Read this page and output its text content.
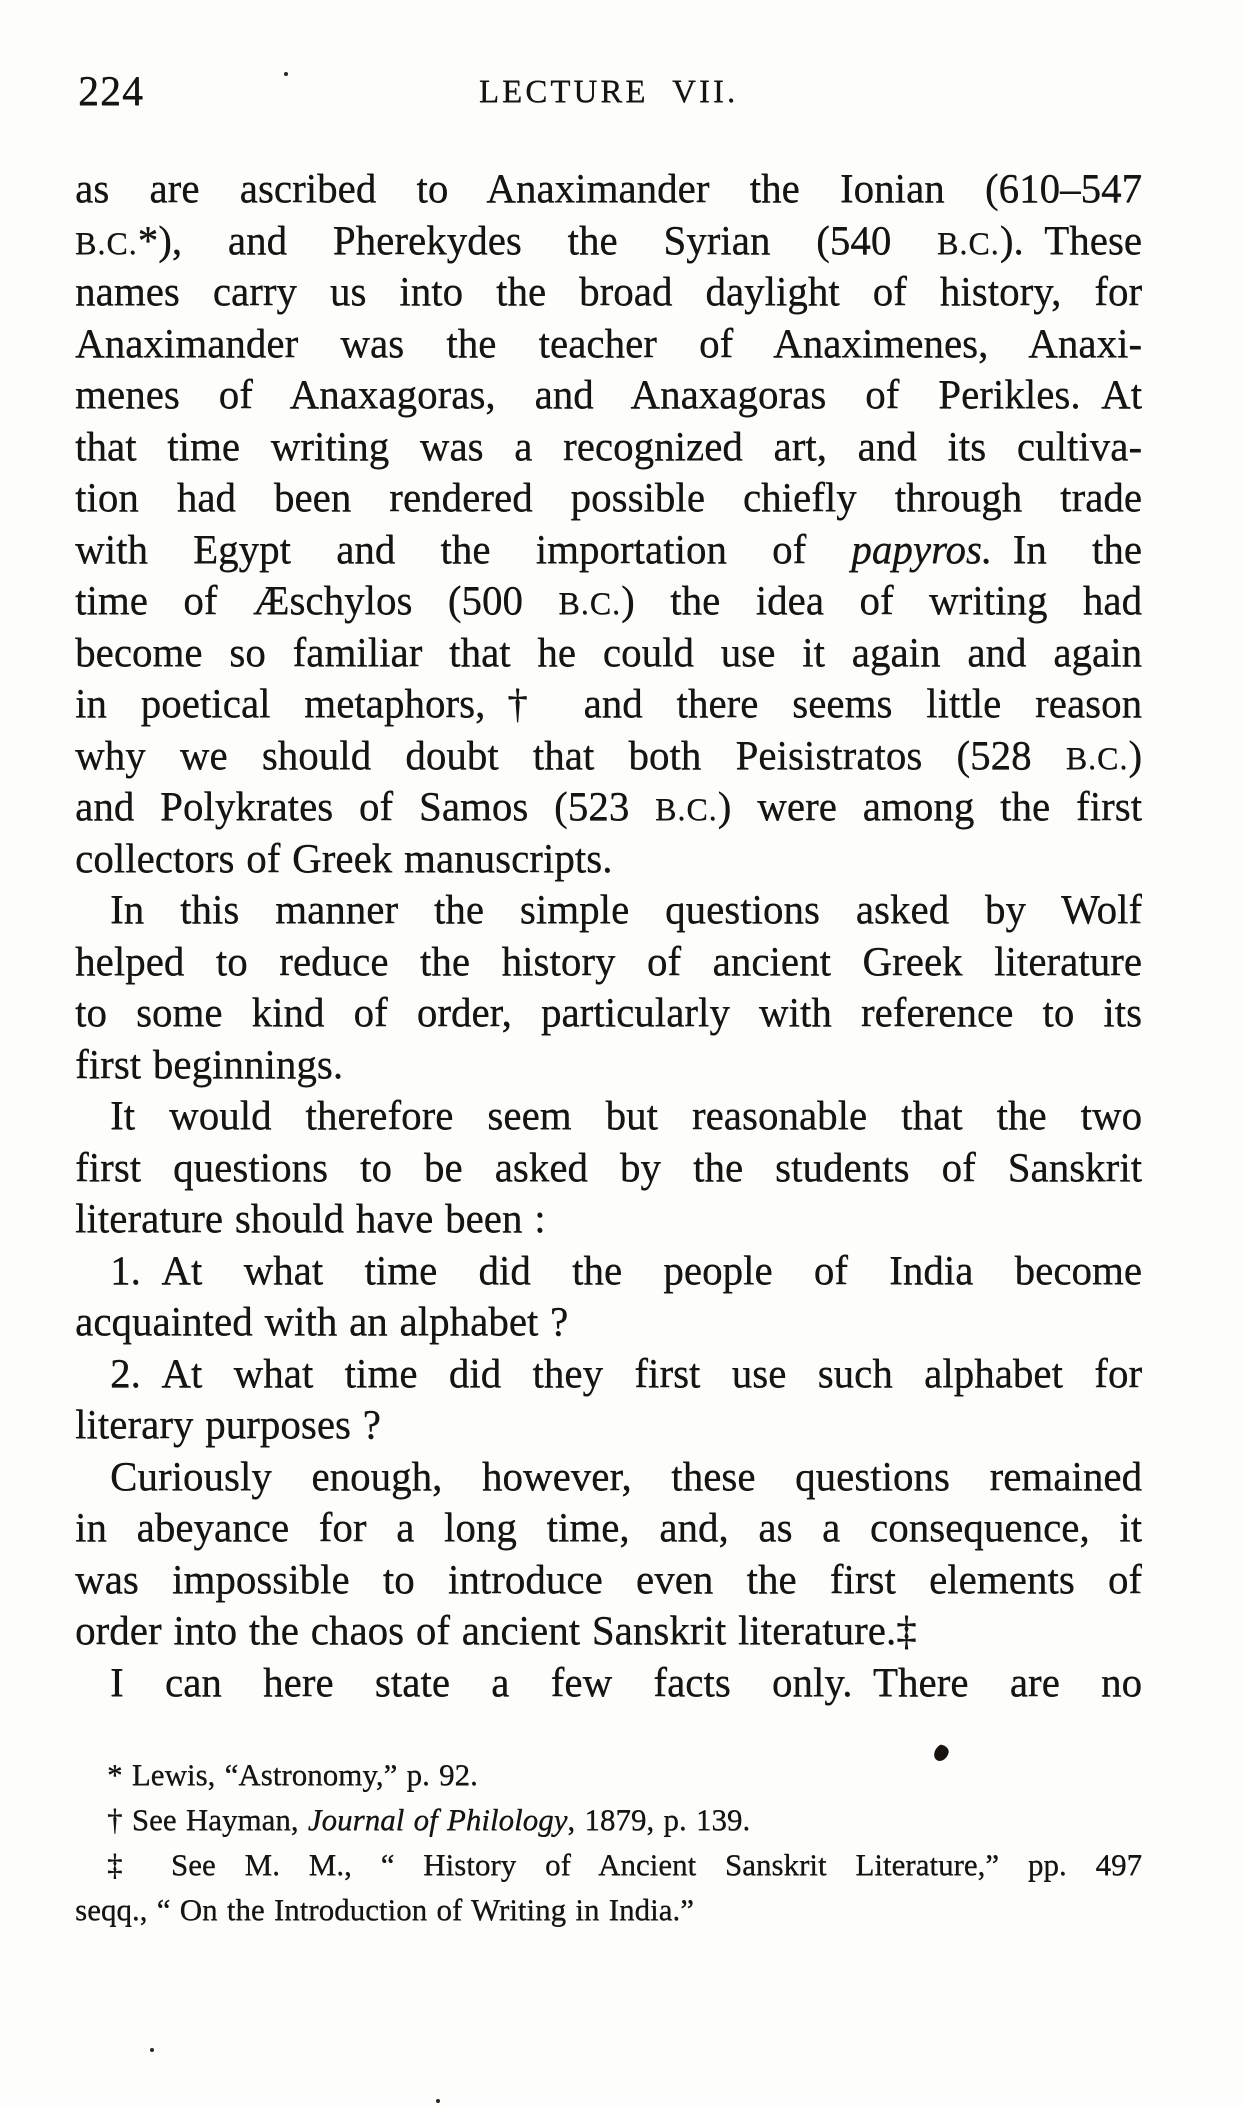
224	LECTURE VII.
as are ascribed to Anaximander the Ionian (610–547
B.C.*), and Pherekydes the Syrian (540 B.C.). These
names carry us into the broad daylight of history, for
Anaximander was the teacher of Anaximenes, Anaxi-
menes of Anaxagoras, and Anaxagoras of Perikles. At
that time writing was a recognized art, and its cultiva-
tion had been rendered possible chiefly through trade
with Egypt and the importation of papyros. In the
time of Æschylos (500 B.C.) the idea of writing had
become so familiar that he could use it again and again
in poetical metaphors,† and there seems little reason
why we should doubt that both Peisistratos (528 B.C.)
and Polykrates of Samos (523 B.C.) were among the first
collectors of Greek manuscripts.
In this manner the simple questions asked by Wolf
helped to reduce the history of ancient Greek literature
to some kind of order, particularly with reference to its
first beginnings.
It would therefore seem but reasonable that the two
first questions to be asked by the students of Sanskrit
literature should have been :
1. At what time did the people of India become
acquainted with an alphabet ?
2. At what time did they first use such alphabet for
literary purposes ?
Curiously enough, however, these questions remained
in abeyance for a long time, and, as a consequence, it
was impossible to introduce even the first elements of
order into the chaos of ancient Sanskrit literature.‡
I can here state a few facts only. There are no
* Lewis, “Astronomy,” p. 92.
† See Hayman, Journal of Philology, 1879, p. 139.
‡ See M. M., “ History of Ancient Sanskrit Literature,” pp. 497
seqq., “ On the Introduction of Writing in India.”
